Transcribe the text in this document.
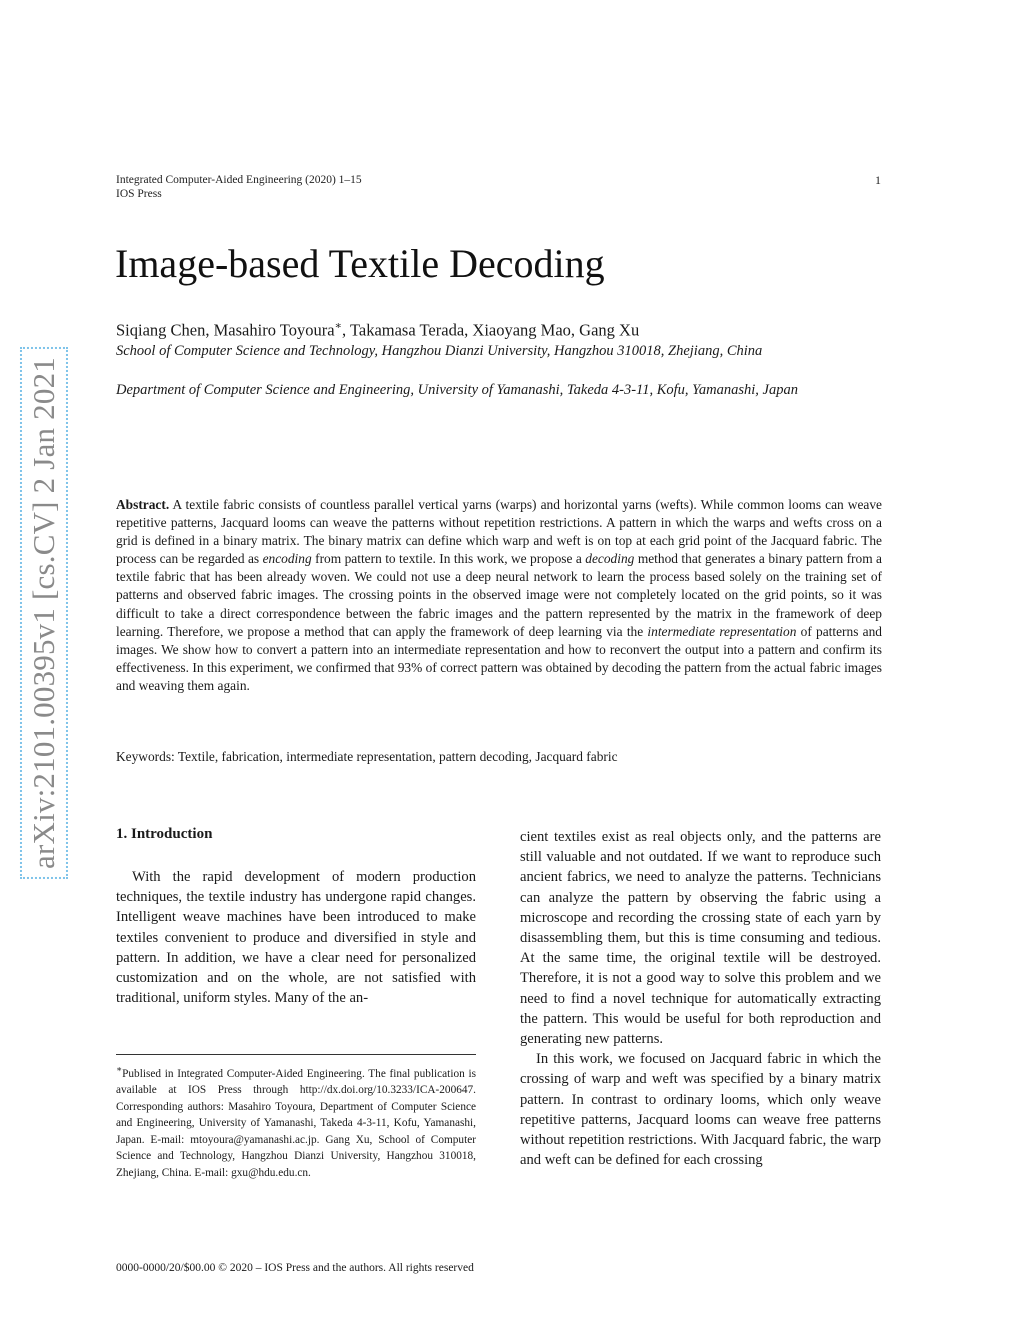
Integrated Computer-Aided Engineering (2020) 1–15
IOS Press
1
arXiv:2101.00395v1 [cs.CV] 2 Jan 2021
Image-based Textile Decoding
Siqiang Chen, Masahiro Toyoura∗, Takamasa Terada, Xiaoyang Mao, Gang Xu
School of Computer Science and Technology, Hangzhou Dianzi University, Hangzhou 310018, Zhejiang, China
Department of Computer Science and Engineering, University of Yamanashi, Takeda 4-3-11, Kofu, Yamanashi, Japan
Abstract. A textile fabric consists of countless parallel vertical yarns (warps) and horizontal yarns (wefts). While common looms can weave repetitive patterns, Jacquard looms can weave the patterns without repetition restrictions. A pattern in which the warps and wefts cross on a grid is defined in a binary matrix. The binary matrix can define which warp and weft is on top at each grid point of the Jacquard fabric. The process can be regarded as encoding from pattern to textile. In this work, we propose a decoding method that generates a binary pattern from a textile fabric that has been already woven. We could not use a deep neural network to learn the process based solely on the training set of patterns and observed fabric images. The crossing points in the observed image were not completely located on the grid points, so it was difficult to take a direct correspondence between the fabric images and the pattern represented by the matrix in the framework of deep learning. Therefore, we propose a method that can apply the framework of deep learning via the intermediate representation of patterns and images. We show how to convert a pattern into an intermediate representation and how to reconvert the output into a pattern and confirm its effectiveness. In this experiment, we confirmed that 93% of correct pattern was obtained by decoding the pattern from the actual fabric images and weaving them again.
Keywords: Textile, fabrication, intermediate representation, pattern decoding, Jacquard fabric
1. Introduction

With the rapid development of modern production techniques, the textile industry has undergone rapid changes. Intelligent weave machines have been introduced to make textiles convenient to produce and diversified in style and pattern. In addition, we have a clear need for personalized customization and on the whole, are not satisfied with traditional, uniform styles. Many of the an-

cient textiles exist as real objects only, and the patterns are still valuable and not outdated. If we want to reproduce such ancient fabrics, we need to analyze the patterns. Technicians can analyze the pattern by observing the fabric using a microscope and recording the crossing state of each yarn by disassembling them, but this is time consuming and tedious. At the same time, the original textile will be destroyed. Therefore, it is not a good way to solve this problem and we need to find a novel technique for automatically extracting the pattern. This would be useful for both reproduction and generating new patterns.

In this work, we focused on Jacquard fabric in which the crossing of warp and weft was specified by a binary matrix pattern. In contrast to ordinary looms, which only weave repetitive patterns, Jacquard looms can weave free patterns without repetition restrictions. With Jacquard fabric, the warp and weft can be defined for each crossing

∗Publised in Integrated Computer-Aided Engineering. The final publication is available at IOS Press through http://dx.doi.org/10.3233/ICA-200647. Corresponding authors: Masahiro Toyoura, Department of Computer Science and Engineering, University of Yamanashi, Takeda 4-3-11, Kofu, Yamanashi, Japan. E-mail: mtoyoura@yamanashi.ac.jp. Gang Xu, School of Computer Science and Technology, Hangzhou Dianzi University, Hangzhou 310018, Zhejiang, China. E-mail: gxu@hdu.edu.cn.
0000-0000/20/$00.00 © 2020 – IOS Press and the authors. All rights reserved
